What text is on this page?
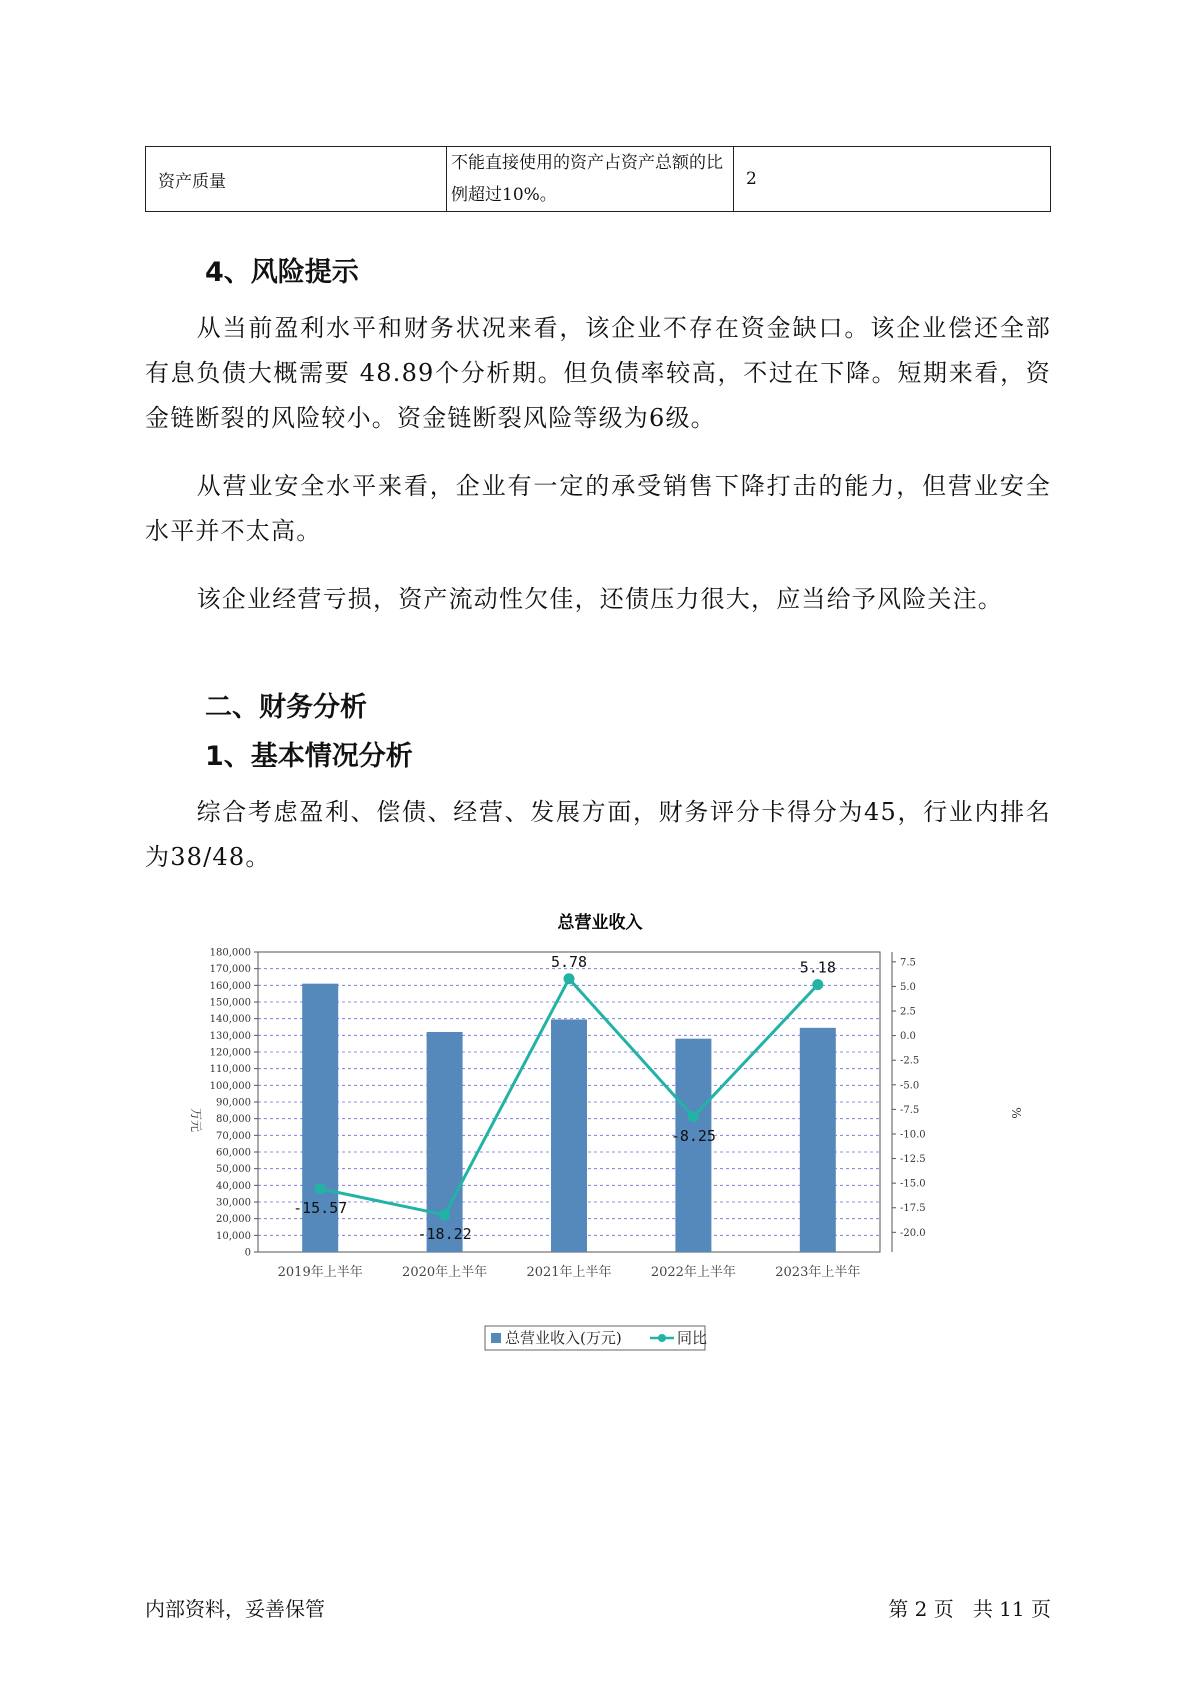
资产质量	不能直接使用的资产占资产总额的比例超过10%。	2
4、风险提示

从当前盈利水平和财务状况来看，该企业不存在资金缺口。该企业偿还全部有息负债大概需要 48.89个分析期。但负债率较高，不过在下降。短期来看，资金链断裂的风险较小。资金链断裂风险等级为6级。

从营业安全水平来看，企业有一定的承受销售下降打击的能力，但营业安全水平并不太高。

该企业经营亏损，资产流动性欠佳，还债压力很大，应当给予风险关注。

二、财务分析
1、基本情况分析

综合考虑盈利、偿债、经营、发展方面，财务评分卡得分为45，行业内排名为38/48。

总营业收入
0
10,000
20,000
30,000
40,000
50,000
60,000
70,000
80,000
90,000
100,000
110,000
120,000
130,000
140,000
150,000
160,000
170,000
180,000
7.5
5.0
2.5
0.0
-2.5
-5.0
-7.5
-10.0
-12.5
-15.0
-17.5
-20.0
-15.57
-18.22
5.78
-8.25
5.18
2019年上半年	2020年上半年	2021年上半年	2022年上半年	2023年上半年
万元	%
总营业收入(万元)	同比
内部资料，妥善保管	第 2 页   共 11 页
